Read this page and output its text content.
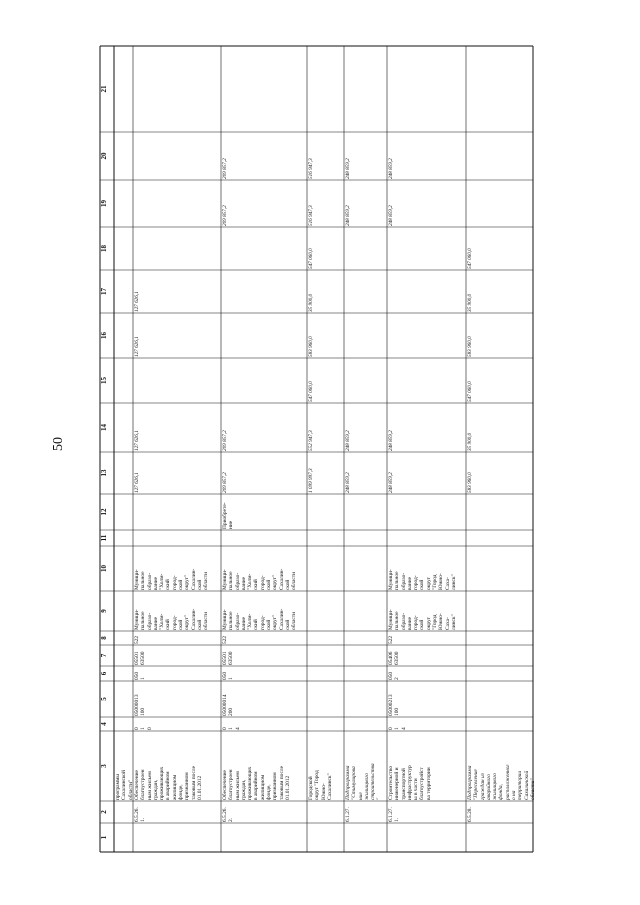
50
1
2
3
4
5
6
7
8
9
10
11
12
13
14
15
16
17
18
19
20
21
программы
Сахалинской
области"
6.5.26.
1.
Обеспечение
благоустроен
ным жильем
граждан,
проживающих
в аварийном
жилищном
фонде,
признанном
таковым после
01.01.2012
0
1
0
05000013
100
050
1
05501
63500
522
Муници-
пальное
образо-
вание
"Холм-
ский
город-
ской
округ"
Сахалин-
ской
области
Муници-
пальное
образо-
вание
"Холм-
ский
город-
ской
округ"
Сахалин-
ской
области
127 626,1
127 626,1
127 626,1
127 626,1
6.5.26.
2.
Обеспечение
благоустроен
ным жильем
граждан,
проживающих
в аварийном
жилищном
фонде,
признанном
таковым после
01.01.2012
0
1
4
05000014
200
050
1
05501
63500
522
Муници-
пальное
образо-
вание
"Холм-
ский
город-
ской
округ"
Сахалин-
ской
области
Муници-
пальное
образо-
вание
"Холм-
ский
город-
ской
округ"
Сахалин-
ской
области
Приобрете-
ние
209 857,2
209 857,2
209 857,2
209 857,2
Городской
округ "Город
Южно-
Сахалинск"
1 099 997,3
552 947,3
547 060,0
583 960,0
35 900,0
547 060,0
516 947,3
516 947,3
6.1.27.
Подпрограмма
"Стимулирова
ние
жилищного
строительства
"
248 859,2
248 859,2
248 859,2
248 859,2
6.1.27.
1.
Строительство
инженерной и
транспортной
инфраструктур
ы в части
благоустройст
ва территории
0
1
4
05000213
100
050
2
05406
63500
522
Муници-
пальное
образо-
вание
город-
ской
округ
"Город
Южно-
Саха-
линск"
Муници-
пальное
образо-
вание
город-
ской
округ
"Город
Южно-
Саха-
линск"
248 859,2
248 859,2
248 859,2
248 859,2
6.5.28.
Подпрограмма
"Переселение
граждан из
аварийного
жилищного
фонда,
расположенног
о на
территории
Сахалинской
области"
583 960,0
35 900,0
547 060,0
583 960,0
35 900,0
547 060,0
